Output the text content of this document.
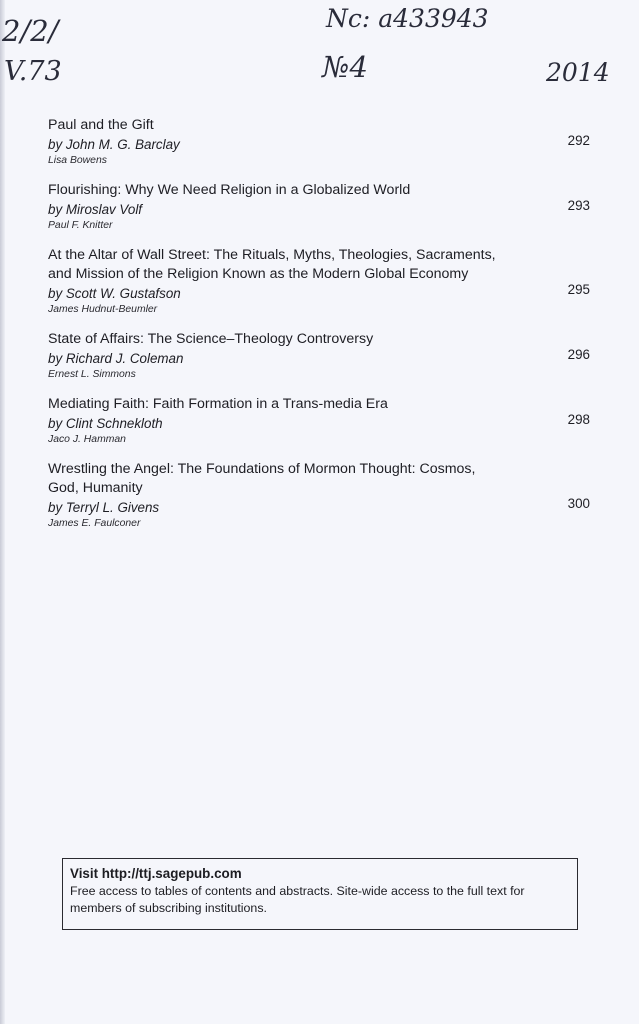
2/2/
V.73
Nc: a433943
№4	2014
Paul and the Gift
by John M. G. Barclay
Lisa Bowens
292
Flourishing: Why We Need Religion in a Globalized World
by Miroslav Volf
Paul F. Knitter
293
At the Altar of Wall Street: The Rituals, Myths, Theologies, Sacraments, and Mission of the Religion Known as the Modern Global Economy
by Scott W. Gustafson
James Hudnut-Beumler
295
State of Affairs: The Science–Theology Controversy
by Richard J. Coleman
Ernest L. Simmons
296
Mediating Faith: Faith Formation in a Trans-media Era
by Clint Schnekloth
Jaco J. Hamman
298
Wrestling the Angel: The Foundations of Mormon Thought: Cosmos, God, Humanity
by Terryl L. Givens
James E. Faulconer
300
Visit http://ttj.sagepub.com
Free access to tables of contents and abstracts. Site-wide access to the full text for members of subscribing institutions.
